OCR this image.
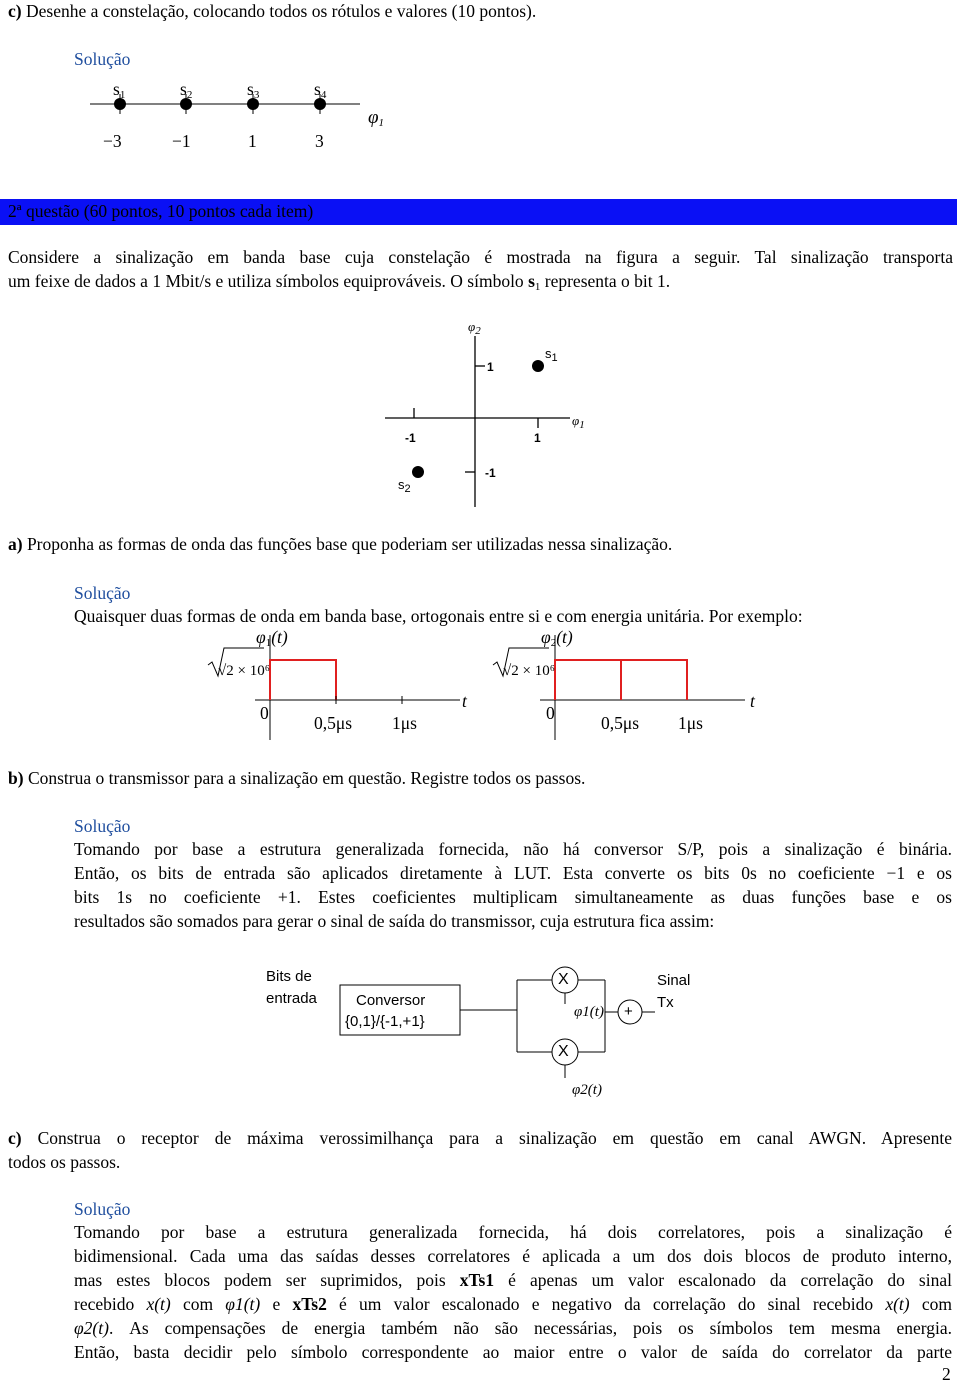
c) Desenhe a constelação, colocando todos os rótulos e valores (10 pontos).
Solução
$s_1$	$s_2$	$s_3$	$s_4$
−3	−1	1	3
$\varphi_1$
2ª questão (60 pontos, 10 pontos cada item)
Considere a sinalização em banda base cuja constelação é mostrada na figura a seguir. Tal sinalização transporta
um feixe de dados a 1 Mbit/s e utiliza símbolos equiprováveis. O símbolo $s_1$ representa o bit 1.
$\varphi_2$
$\varphi_1$
$s_1$
$s_2$
1
-1
-1	1
a) Proponha as formas de onda das funções base que poderiam ser utilizadas nessa sinalização.
Solução
Quaisquer duas formas de onda em banda base, ortogonais entre si e com energia unitária. Por exemplo:
$\varphi_1(t)$
√2 × 10⁶
t
0	0,5μs 1μs
$\varphi_2(t)$
√2 × 10⁶
t
0	0,5μs 1μs
b) Construa o transmissor para a sinalização em questão. Registre todos os passos.
Solução
Tomando por base a estrutura generalizada fornecida, não há conversor S/P, pois a sinalização é binária.
Então, os bits de entrada são aplicados diretamente à LUT. Esta converte os bits 0s no coeficiente −1 e os
bits 1s no coeficiente +1. Estes coeficientes multiplicam simultaneamente as duas funções base e os
resultados são somados para gerar o sinal de saída do transmissor, cuja estrutura fica assim:
Bits de
entrada	Conversor
{0,1}/{-1,+1}
X
X
φ1(t)
φ2(t)
+
Sinal
Tx
c) Construa o receptor de máxima verossimilhança para a sinalização em questão em canal AWGN. Apresente
todos os passos.
Solução
Tomando por base a estrutura generalizada fornecida, há dois correlatores, pois a sinalização é
bidimensional. Cada uma das saídas desses correlatores é aplicada a um dos dois blocos de produto interno,
mas estes blocos podem ser suprimidos, pois xTs1 é apenas um valor escalonado da correlação do sinal
recebido x(t) com φ1(t) e xTs2 é um valor escalonado e negativo da correlação do sinal recebido x(t) com
φ2(t). As compensações de energia também não são necessárias, pois os símbolos tem mesma energia.
Então, basta decidir pelo símbolo correspondente ao maior entre o valor de saída do correlator da parte
2
